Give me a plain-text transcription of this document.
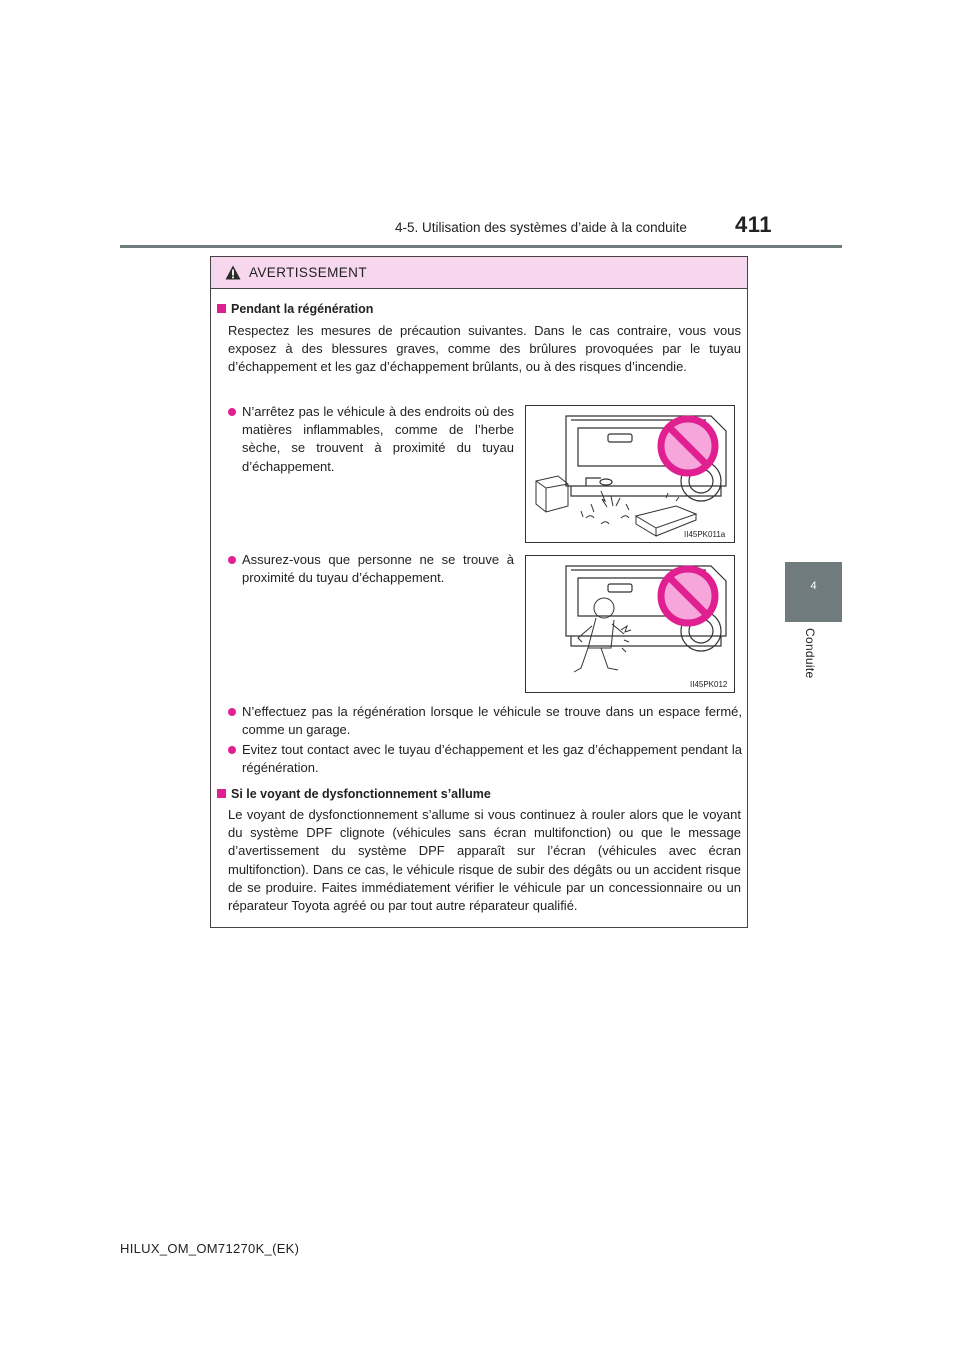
4-5. Utilisation des systèmes d’aide à la conduite 411
4
Conduite
AVERTISSEMENT
Pendant la régénération

Respectez les mesures de précaution suivantes. Dans le cas contraire, vous vous exposez à des blessures graves, comme des brûlures provoquées par le tuyau d’échappement et les gaz d’échappement brûlants, ou à des risques d’incendie.

N’arrêtez pas le véhicule à des endroits où des matières inflammables, comme de l’herbe sèche, se trouvent à proximité du tuyau d’échappement.
II45PK011a
Assurez-vous que personne ne se trouve à proximité du tuyau d’échappement.
II45PK012
N’effectuez pas la régénération lorsque le véhicule se trouve dans un espace fermé, comme un garage.
Evitez tout contact avec le tuyau d’échappement et les gaz d’échappement pendant la régénération.
Si le voyant de dysfonctionnement s’allume

Le voyant de dysfonctionnement s’allume si vous continuez à rouler alors que le voyant du système DPF clignote (véhicules sans écran multifonction) ou que le message d’avertissement du système DPF apparaît sur l’écran (véhicules avec écran multifonction). Dans ce cas, le véhicule risque de subir des dégâts ou un accident risque de se produire. Faites immédiatement vérifier le véhicule par un concessionnaire ou un réparateur Toyota agréé ou par tout autre réparateur qualifié.

HILUX_OM_OM71270K_(EK)
